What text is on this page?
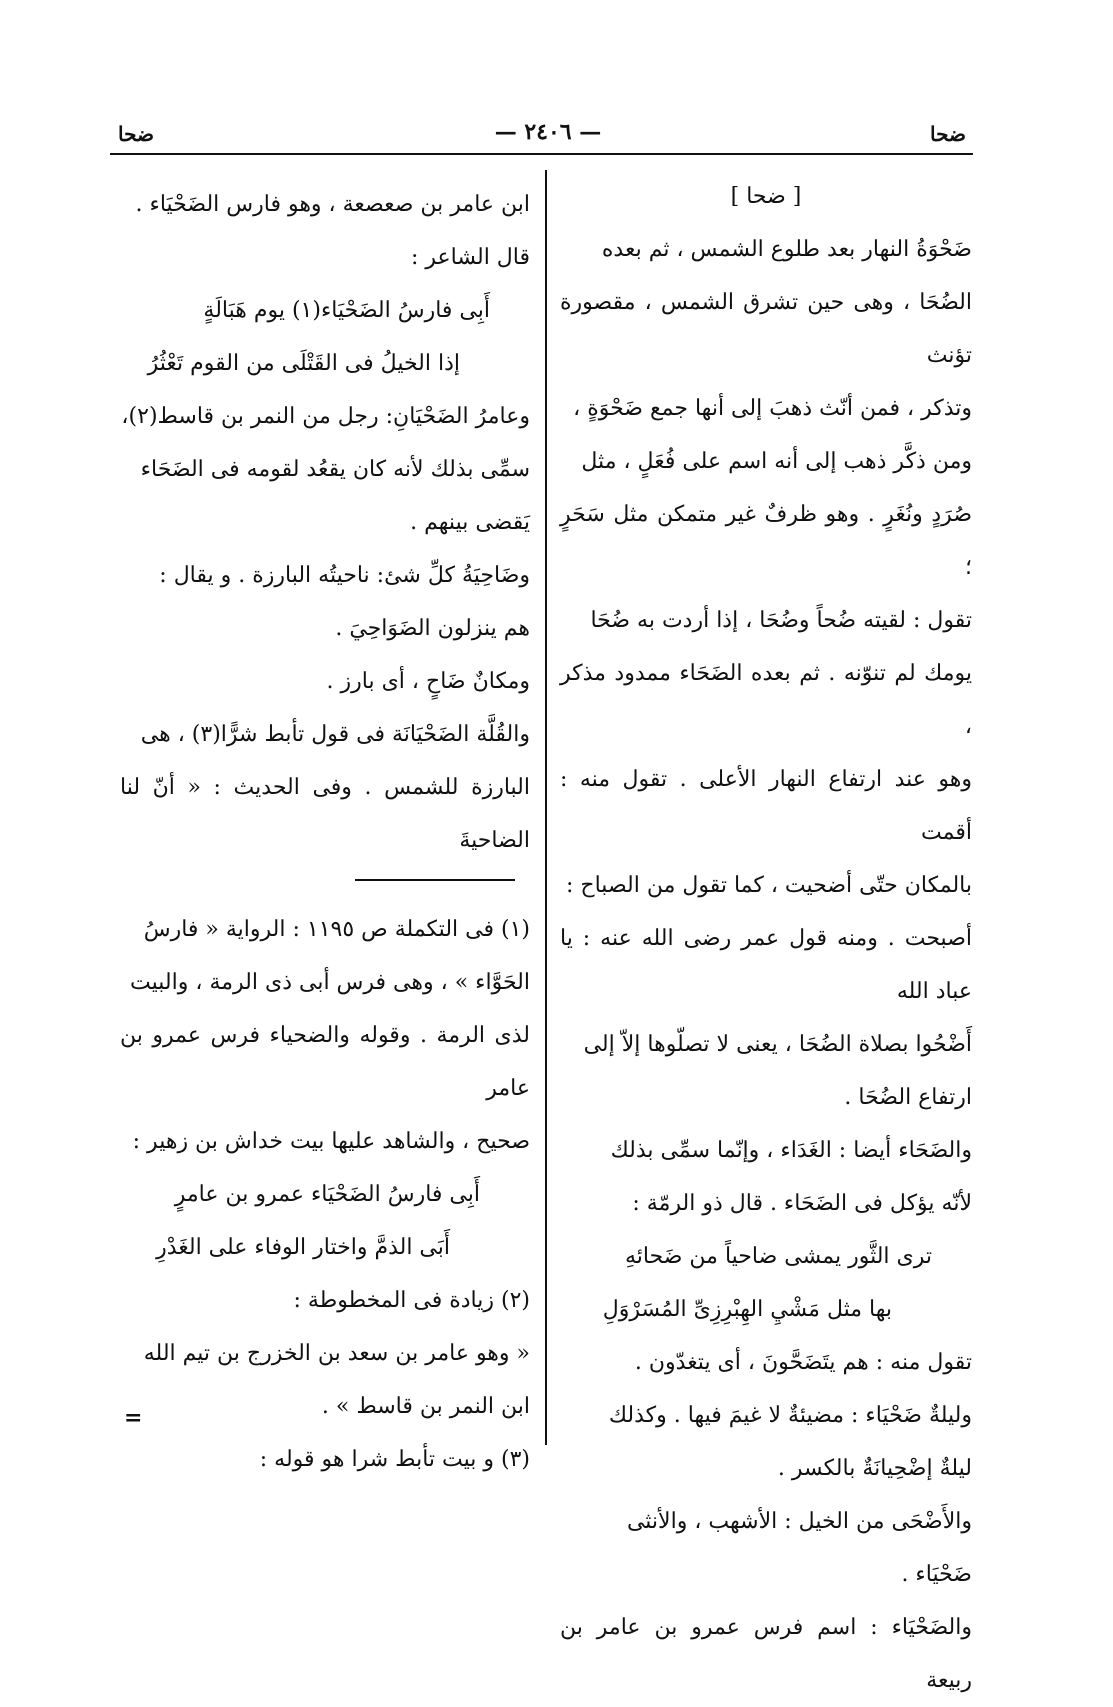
ضحا	— ٢٤٠٦ —	ضحا

[ ضحا ]

ضَحْوَةُ النهار بعد طلوع الشمس ، ثم بعده

الضُحَا ، وهى حين تشرق الشمس ، مقصورة تؤنث

وتذكر ، فمن أنّث ذهبَ إلى أنها جمع ضَحْوَةٍ ،

ومن ذكَّر ذهب إلى أنه اسم على فُعَلٍ ، مثل

صُرَدٍ ونُغَرٍ . وهو ظرفٌ غير متمكن مثل سَحَرٍ ؛

تقول : لقيته ضُحاً وضُحَا ، إذا أردت به ضُحَا

يومك لم تنوّنه . ثم بعده الضَحَاء ممدود مذكر ،

وهو عند ارتفاع النهار الأعلى . تقول منه : أقمت

بالمكان حتّى أضحيت ، كما تقول من الصباح :

أصبحت . ومنه قول عمر رضى الله عنه : يا عباد الله

أَضْحُوا بصلاة الضُحَا ، يعنى لا تصلّوها إلاّ إلى

ارتفاع الضُحَا .

والضَحَاء أيضا : الغَدَاء ، وإنّما سمِّى بذلك

لأنّه يؤكل فى الضَحَاء . قال ذو الرمّة :

ترى الثَّور يمشى ضاحياً من ضَحائهِ

بها مثل مَشْيِ الهِبْرِزِىِّ المُسَرْوَلِ

تقول منه : هم يتَضَحَّونَ ، أى يتغدّون .

وليلةٌ ضَحْيَاء : مضيئةٌ لا غيمَ فيها . وكذلك

ليلةٌ إضْحِيانَةٌ بالكسر .

والأَضْحَى من الخيل : الأشهب ، والأنثى

ضَحْيَاء .

والضَحْيَاء : اسم فرس عمرو بن عامر بن ربيعة

ابن عامر بن صعصعة ، وهو فارس الضَحْيَاء .

قال الشاعر :

أَبِى فارسُ الضَحْيَاء(١) يوم هَبَالَةٍ

إذا الخيلُ فى القَتْلَى من القوم تَعْثُرُ

وعامرُ الضَحْيَانِ: رجل من النمر بن قاسط(٢)،

سمِّى بذلك لأنه كان يقعُد لقومه فى الضَحَاء

يَقضى بينهم .

وضَاحِيَةُ كلِّ شئ: ناحيتُه البارزة . و يقال :

هم ينزلون الضَوَاحِيَ .

ومكانٌ ضَاحٍ ، أى بارز .

والقُلَّة الضَحْيَانَة فى قول تأبط شرًّا(٣) ، هى

البارزة للشمس . وفى الحديث : « أنّ لنا الضاحيةَ

(١) فى التكملة ص ١١٩٥ : الرواية « فارسُ

الحَوَّاء » ، وهى فرس أبى ذى الرمة ، والبيت

لذى الرمة . وقوله والضحياء فرس عمرو بن عامر

صحيح ، والشاهد عليها بيت خداش بن زهير :

أَبِى فارسُ الضَحْيَاء عمرو بن عامرٍ

أَبَى الذمَّ واختار الوفاء على الغَدْرِ

(٢) زيادة فى المخطوطة :

« وهو عامر بن سعد بن الخزرج بن تيم الله

ابن النمر بن قاسط » .

(٣) و بيت تأبط شرا هو قوله :

=
